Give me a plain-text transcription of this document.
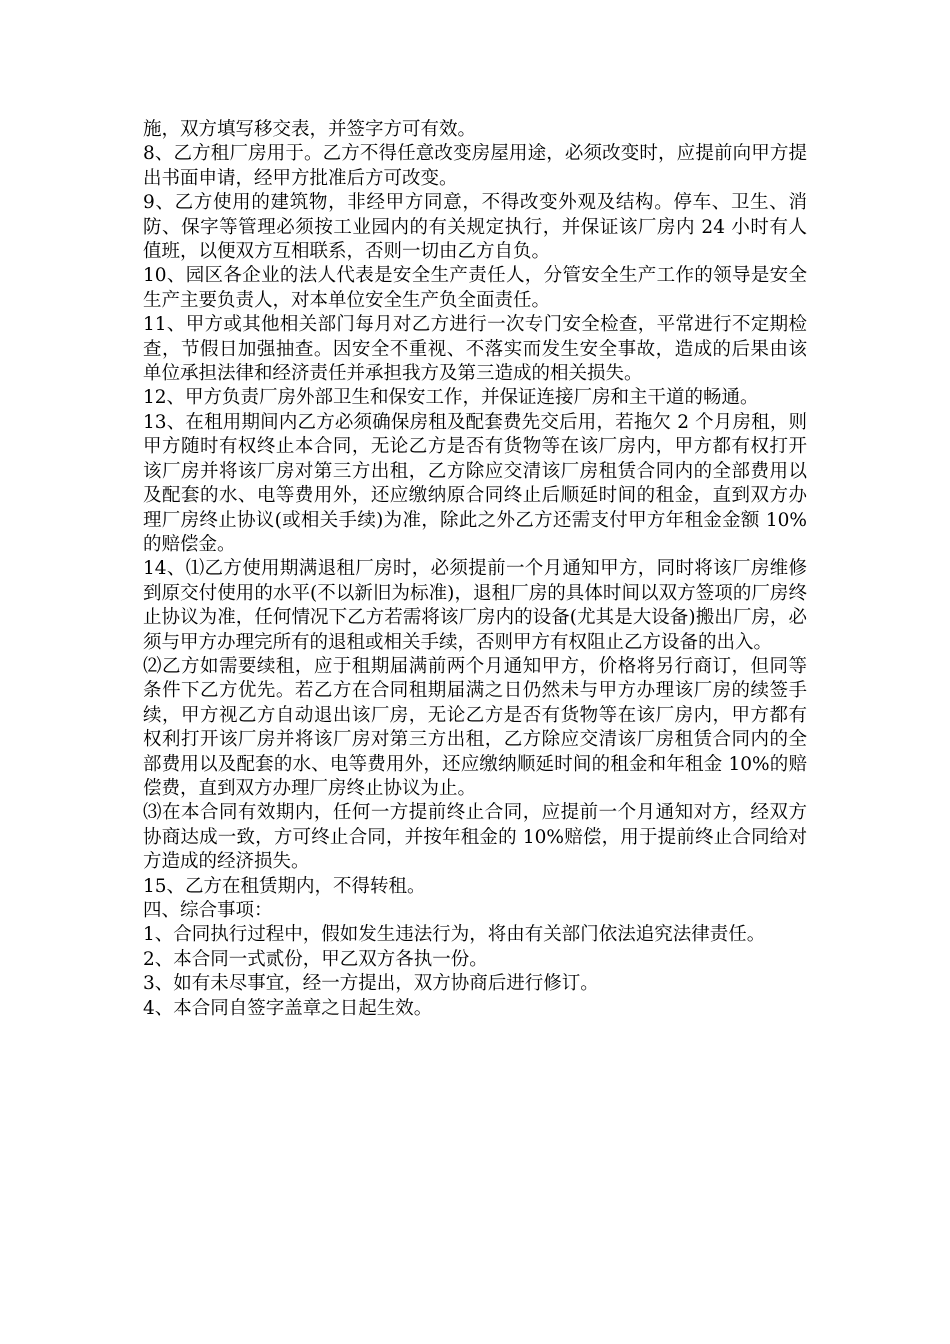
施，双方填写移交表，并签字方可有效。

8、乙方租厂房用于。乙方不得任意改变房屋用途，必须改变时，应提前向甲方提出书面申请，经甲方批准后方可改变。

9、乙方使用的建筑物，非经甲方同意，不得改变外观及结构。停车、卫生、消防、保字等管理必须按工业园内的有关规定执行，并保证该厂房内 24 小时有人值班，以便双方互相联系，否则一切由乙方自负。

10、园区各企业的法人代表是安全生产责任人，分管安全生产工作的领导是安全生产主要负责人，对本单位安全生产负全面责任。

11、甲方或其他相关部门每月对乙方进行一次专门安全检查，平常进行不定期检查，节假日加强抽查。因安全不重视、不落实而发生安全事故，造成的后果由该单位承担法律和经济责任并承担我方及第三造成的相关损失。

12、甲方负责厂房外部卫生和保安工作，并保证连接厂房和主干道的畅通。

13、在租用期间内乙方必须确保房租及配套费先交后用，若拖欠 2 个月房租，则甲方随时有权终止本合同，无论乙方是否有货物等在该厂房内，甲方都有权打开该厂房并将该厂房对第三方出租，乙方除应交清该厂房租赁合同内的全部费用以及配套的水、电等费用外，还应缴纳原合同终止后顺延时间的租金，直到双方办理厂房终止协议(或相关手续)为准，除此之外乙方还需支付甲方年租金金额 10%的赔偿金。

14、⑴乙方使用期满退租厂房时，必须提前一个月通知甲方，同时将该厂房维修到原交付使用的水平(不以新旧为标准)，退租厂房的具体时间以双方签项的厂房终止协议为准，任何情况下乙方若需将该厂房内的设备(尤其是大设备)搬出厂房，必须与甲方办理完所有的退租或相关手续，否则甲方有权阻止乙方设备的出入。

⑵乙方如需要续租，应于租期届满前两个月通知甲方，价格将另行商订，但同等条件下乙方优先。若乙方在合同租期届满之日仍然未与甲方办理该厂房的续签手续，甲方视乙方自动退出该厂房，无论乙方是否有货物等在该厂房内，甲方都有权利打开该厂房并将该厂房对第三方出租，乙方除应交清该厂房租赁合同内的全部费用以及配套的水、电等费用外，还应缴纳顺延时间的租金和年租金 10%的赔偿费，直到双方办理厂房终止协议为止。

⑶在本合同有效期内，任何一方提前终止合同，应提前一个月通知对方，经双方协商达成一致，方可终止合同，并按年租金的 10%赔偿，用于提前终止合同给对方造成的经济损失。

15、乙方在租赁期内，不得转租。

四、综合事项：

1、合同执行过程中，假如发生违法行为，将由有关部门依法追究法律责任。

2、本合同一式贰份，甲乙双方各执一份。

3、如有未尽事宜，经一方提出，双方协商后进行修订。

4、本合同自签字盖章之日起生效。
